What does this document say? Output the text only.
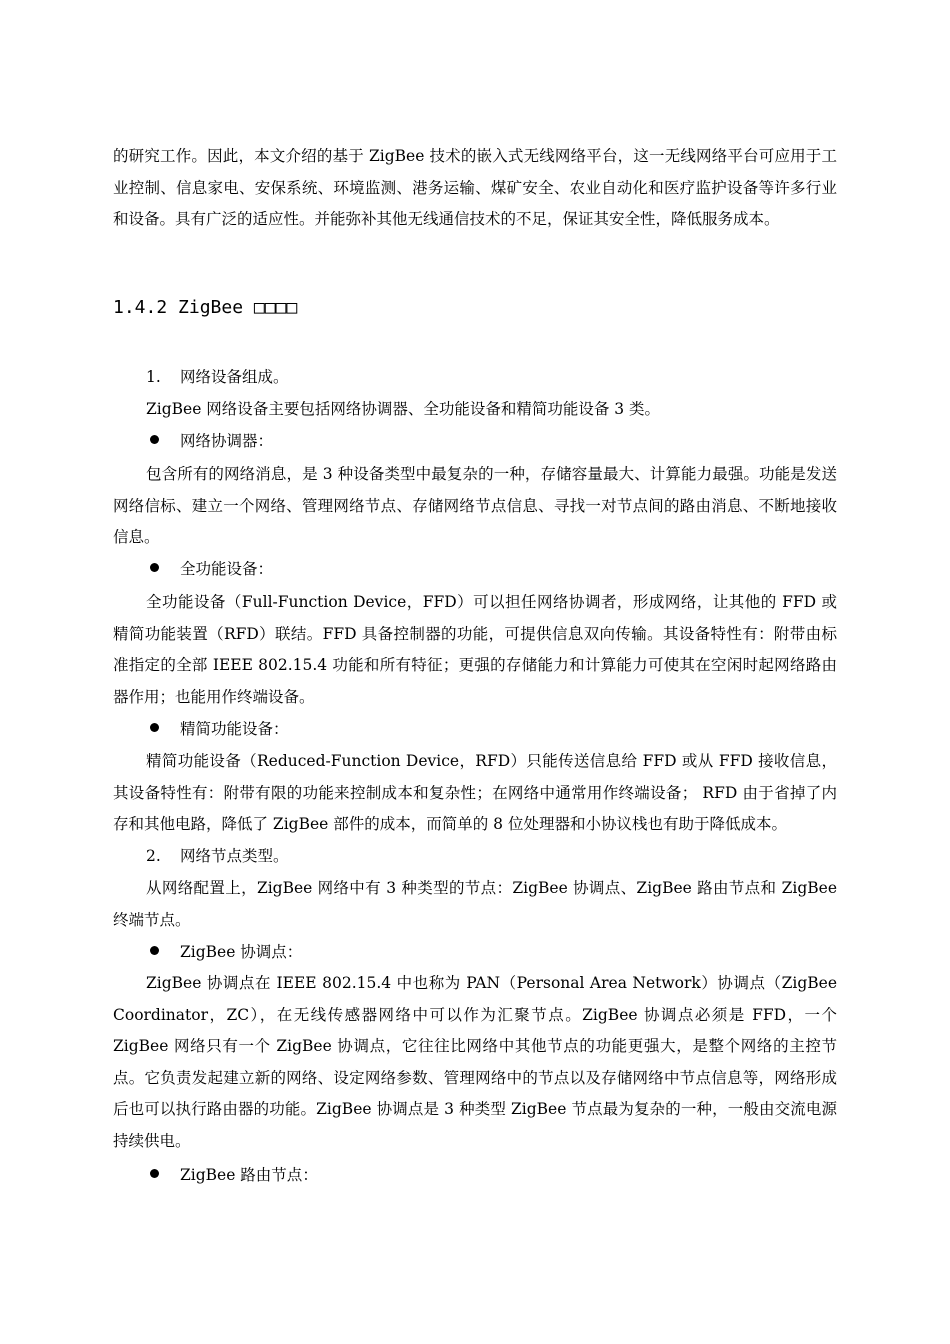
的研究工作。因此，本文介绍的基于 ZigBee 技术的嵌入式无线网络平台，这一无线网络平台可应用于工业控制、信息家电、安保系统、环境监测、港务运输、煤矿安全、农业自动化和医疗监护设备等许多行业和设备。具有广泛的适应性。并能弥补其他无线通信技术的不足，保证其安全性，降低服务成本。

1.4.2 ZigBee □□□□
1. 网络设备组成。

ZigBee 网络设备主要包括网络协调器、全功能设备和精简功能设备 3 类。

网络协调器：

包含所有的网络消息，是 3 种设备类型中最复杂的一种，存储容量最大、计算能力最强。功能是发送网络信标、建立一个网络、管理网络节点、存储网络节点信息、寻找一对节点间的路由消息、不断地接收信息。

全功能设备：

全功能设备（Full-Function Device，FFD）可以担任网络协调者，形成网络，让其他的 FFD 或精简功能装置（RFD）联结。FFD 具备控制器的功能，可提供信息双向传输。其设备特性有：附带由标准指定的全部 IEEE 802.15.4 功能和所有特征；更强的存储能力和计算能力可使其在空闲时起网络路由器作用；也能用作终端设备。

精简功能设备：

精简功能设备（Reduced-Function Device，RFD）只能传送信息给 FFD 或从 FFD 接收信息，其设备特性有：附带有限的功能来控制成本和复杂性；在网络中通常用作终端设备； RFD 由于省掉了内存和其他电路，降低了 ZigBee 部件的成本，而简单的 8 位处理器和小协议栈也有助于降低成本。

2. 网络节点类型。

从网络配置上，ZigBee 网络中有 3 种类型的节点：ZigBee 协调点、ZigBee 路由节点和 ZigBee 终端节点。

ZigBee 协调点：

ZigBee 协调点在 IEEE 802.15.4 中也称为 PAN（Personal Area Network）协调点（ZigBee Coordinator，ZC），在无线传感器网络中可以作为汇聚节点。ZigBee 协调点必须是 FFD，一个 ZigBee 网络只有一个 ZigBee 协调点，它往往比网络中其他节点的功能更强大，是整个网络的主控节点。它负责发起建立新的网络、设定网络参数、管理网络中的节点以及存储网络中节点信息等，网络形成后也可以执行路由器的功能。ZigBee 协调点是 3 种类型 ZigBee 节点最为复杂的一种，一般由交流电源持续供电。

ZigBee 路由节点：
